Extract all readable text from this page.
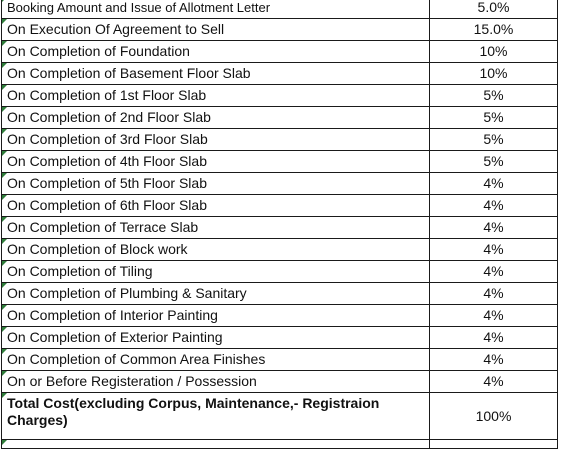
Booking Amount and Issue of Allotment Letter	5.0%
On Execution Of Agreement to Sell	15.0%
On Completion of Foundation	10%
On Completion of Basement Floor Slab	10%
On Completion of 1st Floor Slab	5%
On Completion of 2nd Floor Slab	5%
On Completion of 3rd Floor Slab	5%
On Completion of 4th Floor Slab	5%
On Completion of 5th Floor Slab	4%
On Completion of 6th Floor Slab	4%
On Completion of Terrace Slab	4%
On Completion of Block work	4%
On Completion of Tiling	4%
On Completion of Plumbing & Sanitary	4%
On Completion of Interior Painting	4%
On Completion of Exterior Painting	4%
On Completion of Common Area Finishes	4%
On or Before Registeration / Possession	4%
Total Cost(excluding Corpus, Maintenance,- Registraion Charges)	100%
